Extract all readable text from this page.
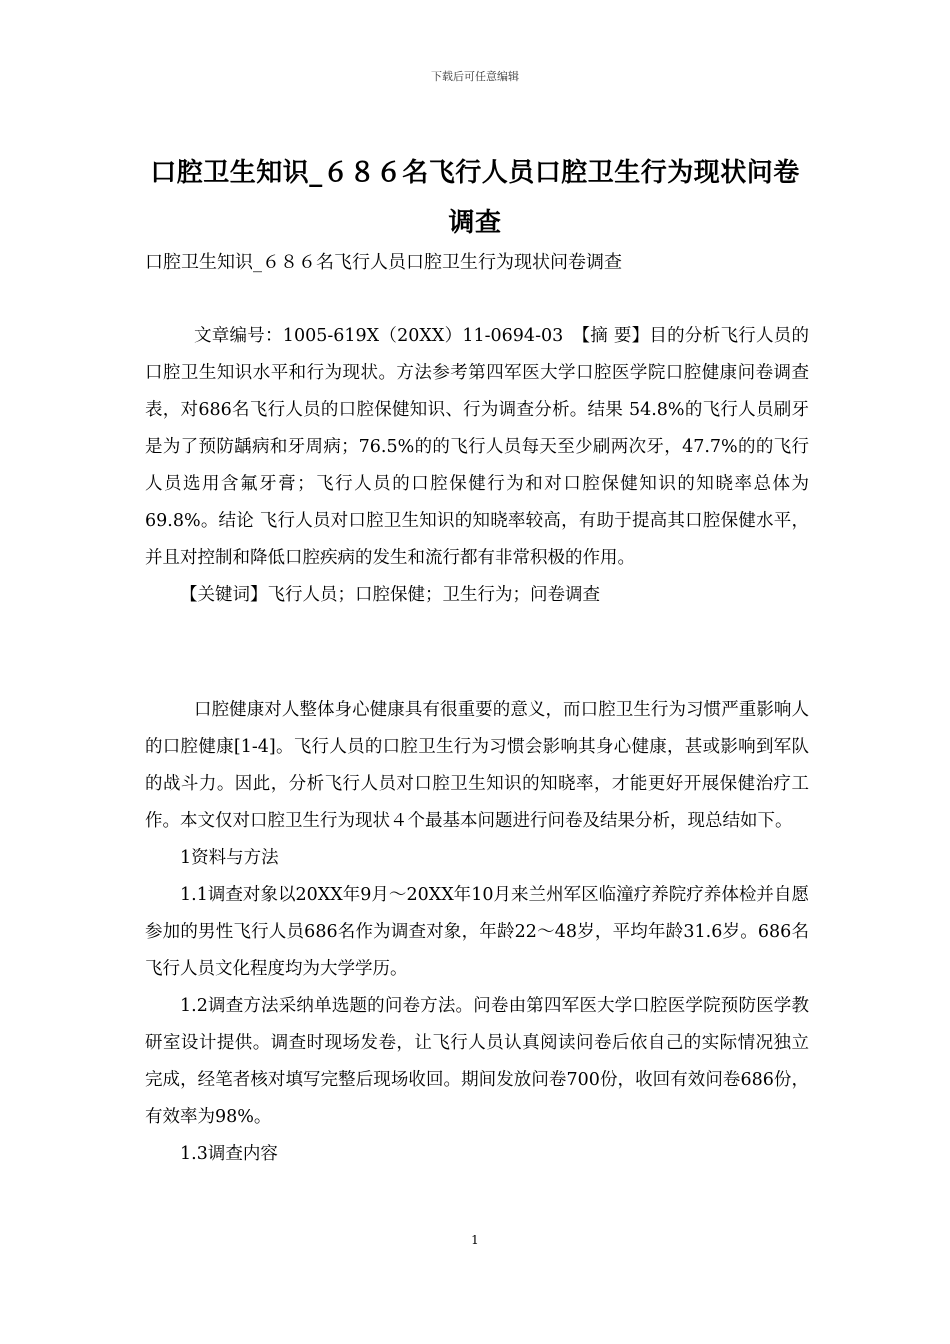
下载后可任意编辑
口腔卫生知识_６８６名飞行人员口腔卫生行为现状问卷调查
口腔卫生知识_６８６名飞行人员口腔卫生行为现状问卷调查

文章编号：1005-619X（20XX）11-0694-03　【摘 要】目的分析飞行人员的口腔卫生知识水平和行为现状。方法参考第四军医大学口腔医学院口腔健康问卷调查表，对686名飞行人员的口腔保健知识、行为调查分析。结果 54.8%的飞行人员刷牙是为了预防龋病和牙周病；76.5%的的飞行人员每天至少刷两次牙，47.7%的的飞行人员选用含氟牙膏；飞行人员的口腔保健行为和对口腔保健知识的知晓率总体为69.8%。结论 飞行人员对口腔卫生知识的知晓率较高，有助于提高其口腔保健水平，并且对控制和降低口腔疾病的发生和流行都有非常积极的作用。

【关键词】飞行人员；口腔保健；卫生行为；问卷调查

口腔健康对人整体身心健康具有很重要的意义，而口腔卫生行为习惯严重影响人的口腔健康[1-4]。飞行人员的口腔卫生行为习惯会影响其身心健康，甚或影响到军队的战斗力。因此，分析飞行人员对口腔卫生知识的知晓率，才能更好开展保健治疗工作。本文仅对口腔卫生行为现状４个最基本问题进行问卷及结果分析，现总结如下。

1资料与方法

1.1调查对象以20XX年9月～20XX年10月来兰州军区临潼疗养院疗养体检并自愿参加的男性飞行人员686名作为调查对象，年龄22～48岁，平均年龄31.6岁。686名飞行人员文化程度均为大学学历。

1.2调查方法采纳单选题的问卷方法。问卷由第四军医大学口腔医学院预防医学教研室设计提供。调查时现场发卷，让飞行人员认真阅读问卷后依自己的实际情况独立完成，经笔者核对填写完整后现场收回。期间发放问卷700份，收回有效问卷686份，有效率为98%。

1.3调查内容

1
